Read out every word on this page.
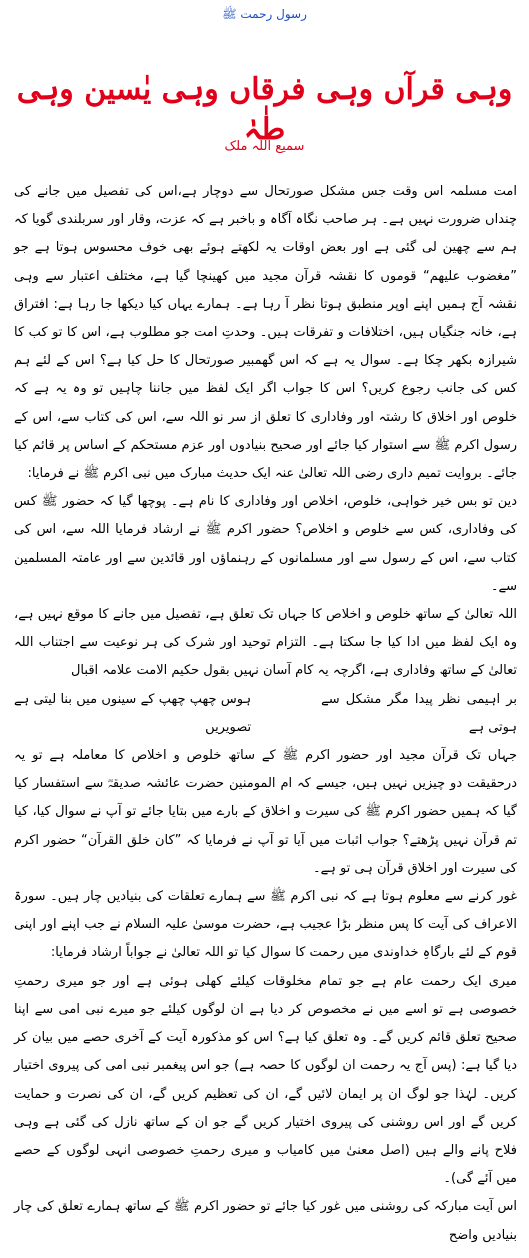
رسول رحمت ﷺ
وہی قرآں وہی فرقاں وہی یٰسین وہی طٰہٰ
سمیع اللہ ملک

امت مسلمہ اس وقت جس مشکل صورتحال سے دوچار ہے،اس کی تفصیل میں جانے کی چنداں ضرورت نہیں ہے۔ ہر صاحب نگاہ آگاہ و باخبر ہے کہ عزت، وقار اور سربلندی گویا کہ ہم سے چھین لی گئی ہے اور بعض اوقات یہ لکھتے ہوئے بھی خوف محسوس ہوتا ہے جو ”مغضوب علیھم“ قوموں کا نقشہ قرآن مجید میں کھینچا گیا ہے، مختلف اعتبار سے وہی نقشہ آج ہمیں اپنے اوپر منطبق ہوتا نظر آ رہا ہے۔ ہمارے یہاں کیا دیکھا جا رہا ہے: افتراق ہے، خانہ جنگیاں ہیں، اختلافات و تفرقات ہیں۔ وحدتِ امت جو مطلوب ہے، اس کا تو کب کا شیرازہ بکھر چکا ہے۔ سوال یہ ہے کہ اس گھمبیر صورتحال کا حل کیا ہے؟ اس کے لئے ہم کس کی جانب رجوع کریں؟ اس کا جواب اگر ایک لفظ میں جاننا چاہیں تو وہ یہ ہے کہ خلوص اور اخلاق کا رشتہ اور وفاداری کا تعلق از سر نو اللہ سے، اس کی کتاب سے، اس کے رسول اکرم ﷺ سے استوار کیا جائے اور صحیح بنیادوں اور عزم مستحکم کے اساس پر قائم کیا جائے۔ بروایت تمیم داری رضی اللہ تعالیٰ عنہ ایک حدیث مبارک میں نبی اکرم ﷺ نے فرمایا:

دین تو بس خیر خواہی، خلوص، اخلاص اور وفاداری کا نام ہے۔ پوچھا گیا کہ حضور ﷺ کس کی وفاداری، کس سے خلوص و اخلاص؟ حضور اکرم ﷺ نے ارشاد فرمایا اللہ سے، اس کی کتاب سے، اس کے رسول سے اور مسلمانوں کے رہنماؤں اور قائدین سے اور عامتہ المسلمین سے۔

اللہ تعالیٰ کے ساتھ خلوص و اخلاص کا جہاں تک تعلق ہے، تفصیل میں جانے کا موقع نہیں ہے، وہ ایک لفظ میں ادا کیا جا سکتا ہے۔ التزام توحید اور شرک کی ہر نوعیت سے اجتناب اللہ تعالیٰ کے ساتھ وفاداری ہے، اگرچہ یہ کام آسان نہیں بقول حکیم الامت علامہ اقبال

بر اہیمی نظر پیدا مگر مشکل سے ہوتی ہے
ہوس چھپ چھپ کے سینوں میں بنا لیتی ہے تصویریں

جہاں تک قرآن مجید اور حضور اکرم ﷺ کے ساتھ خلوص و اخلاص کا معاملہ ہے تو یہ درحقیقت دو چیزیں نہیں ہیں، جیسے کہ ام المومنین حضرت عائشہ صدیقہؓ سے استفسار کیا گیا کہ ہمیں حضور اکرم ﷺ کی سیرت و اخلاق کے بارے میں بتایا جائے تو آپ نے سوال کیا، کیا تم قرآن نہیں پڑھتے؟ جواب اثبات میں آیا تو آپ نے فرمایا کہ ”کان خلق القرآن“ حضور اکرم کی سیرت اور اخلاق قرآن ہی تو ہے۔

غور کرنے سے معلوم ہوتا ہے کہ نبی اکرم ﷺ سے ہمارے تعلقات کی بنیادیں چار ہیں۔ سورۃ الاعراف کی آیت کا پس منظر بڑا عجیب ہے، حضرت موسیٰ علیہ السلام نے جب اپنے اور اپنی قوم کے لئے بارگاہِ خداوندی میں رحمت کا سوال کیا تو اللہ تعالیٰ نے جواباً ارشاد فرمایا:

میری ایک رحمت عام ہے جو تمام مخلوقات کیلئے کھلی ہوئی ہے اور جو میری رحمتِ خصوصی ہے تو اسے میں نے مخصوص کر دیا ہے ان لوگوں کیلئے جو میرے نبی امی سے اپنا صحیح تعلق قائم کریں گے۔ وہ تعلق کیا ہے؟ اس کو مذکورہ آیت کے آخری حصے میں بیان کر دیا گیا ہے: (پس آج یہ رحمت ان لوگوں کا حصہ ہے) جو اس پیغمبر نبی امی کی پیروی اختیار کریں۔ لہٰذا جو لوگ ان پر ایمان لائیں گے، ان کی تعظیم کریں گے، ان کی نصرت و حمایت کریں گے اور اس روشنی کی پیروی اختیار کریں گے جو ان کے ساتھ نازل کی گئی ہے وہی فلاح پانے والے ہیں (اصل معنیٰ میں کامیاب و میری رحمتِ خصوصی انہی لوگوں کے حصے میں آئے گی)۔

اس آیت مبارکہ کی روشنی میں غور کیا جائے تو حضور اکرم ﷺ کے ساتھ ہمارے تعلق کی چار بنیادیں واضح
